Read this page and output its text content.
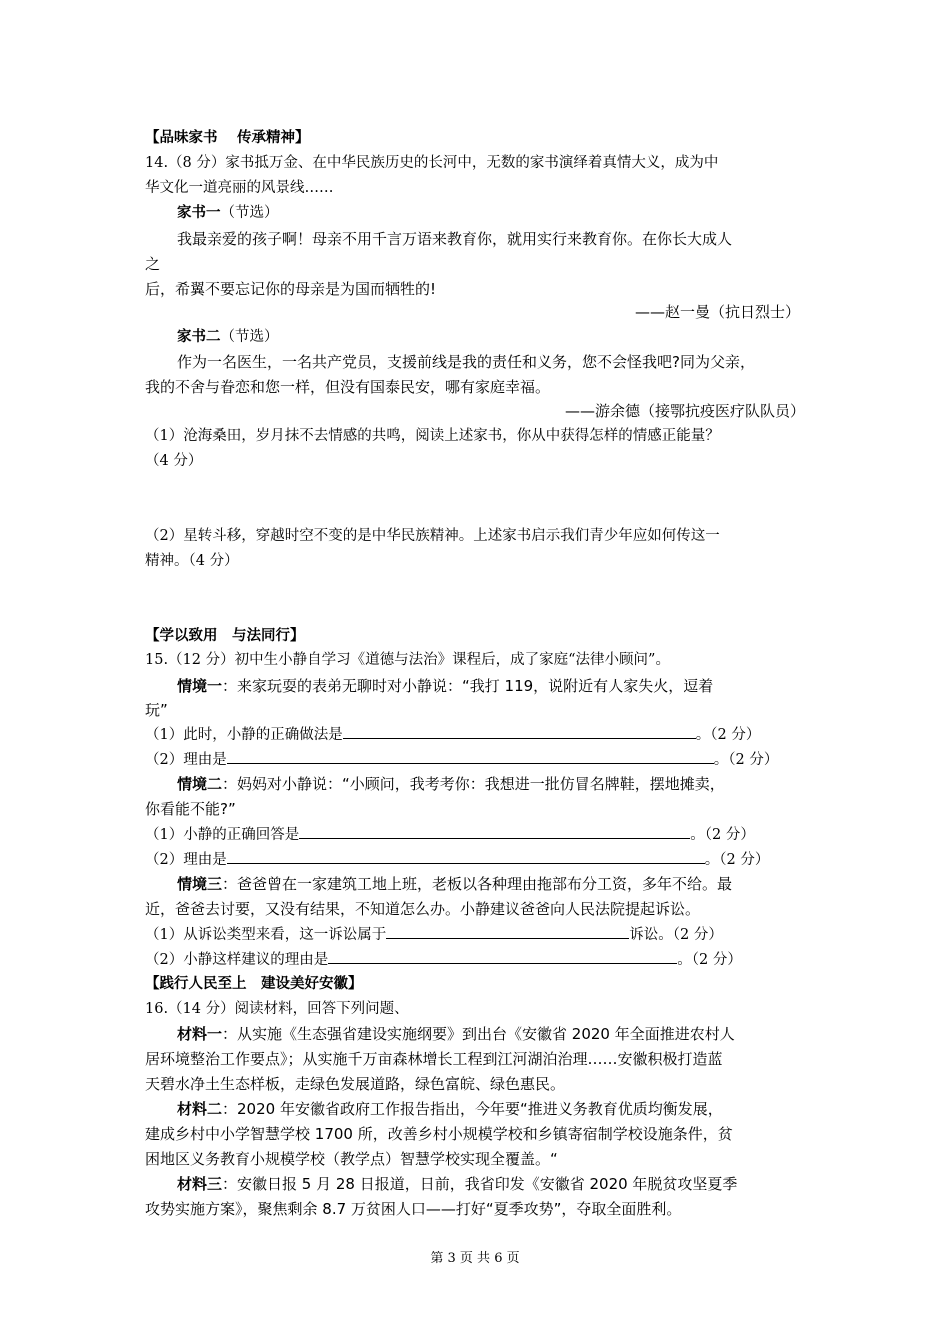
【品味家书　 传承精神】
14.（8 分）家书抵万金、在中华民族历史的长河中，无数的家书演绎着真情大义，成为中
华文化一道亮丽的风景线……
家书一（节选）
我最亲爱的孩子啊！母亲不用千言万语来教育你，就用实行来教育你。在你长大成人
之
后，希翼不要忘记你的母亲是为国而牺牲的!
——赵一曼（抗日烈士）
家书二（节选）
作为一名医生，一名共产党员，支援前线是我的责任和义务，您不会怪我吧?同为父亲，
我的不舍与眷恋和您一样，但没有国泰民安，哪有家庭幸福。
——游余德（接鄂抗疫医疗队队员）
（1）沧海桑田，岁月抹不去情感的共鸣，阅读上述家书，你从中获得怎样的情感正能量？
（4 分）
（2）星转斗移，穿越时空不变的是中华民族精神。上述家书启示我们青少年应如何传这一
精神。（4 分）
【学以致用　与法同行】
15.（12 分）初中生小静自学习《道德与法治》课程后，成了家庭“法律小顾问”。
情境一：来家玩耍的表弟无聊时对小静说：“我打 119，说附近有人家失火，逗着
玩”
（1）此时，小静的正确做法是	。（2 分）
（2）理由是	。（2 分）
情境二：妈妈对小静说：“小顾问，我考考你：我想进一批仿冒名牌鞋，摆地摊卖，
你看能不能?”
（1）小静的正确回答是	。（2 分）
（2）理由是	。（2 分）
情境三：爸爸曾在一家建筑工地上班，老板以各种理由拖部布分工资，多年不给。最
近，爸爸去讨要，又没有结果，不知道怎么办。小静建议爸爸向人民法院提起诉讼。
（1）从诉讼类型来看，这一诉讼属于	诉讼。（2 分）
（2）小静这样建议的理由是	。（2 分）
【践行人民至上　建设美好安徽】
16.（14 分）阅读材料，回答下列问题、
材料一：从实施《生态强省建设实施纲要》到出台《安徽省 2020 年全面推进农村人
居环境整治工作要点》；从实施千万亩森林增长工程到江河湖泊治理……安徽积极打造蓝
天碧水净土生态样板，走绿色发展道路，绿色富皖、绿色惠民。
材料二：2020 年安徽省政府工作报告指出，今年要“推进义务教育优质均衡发展，
建成乡村中小学智慧学校 1700 所，改善乡村小规模学校和乡镇寄宿制学校设施条件，贫
困地区义务教育小规模学校（教学点）智慧学校实现全覆盖。“
材料三：安徽日报 5 月 28 日报道，日前，我省印发《安徽省 2020 年脱贫攻坚夏季
攻势实施方案》，聚焦剩余 8.7 万贫困人口——打好“夏季攻势”，夺取全面胜利。
第 3 页 共 6 页
